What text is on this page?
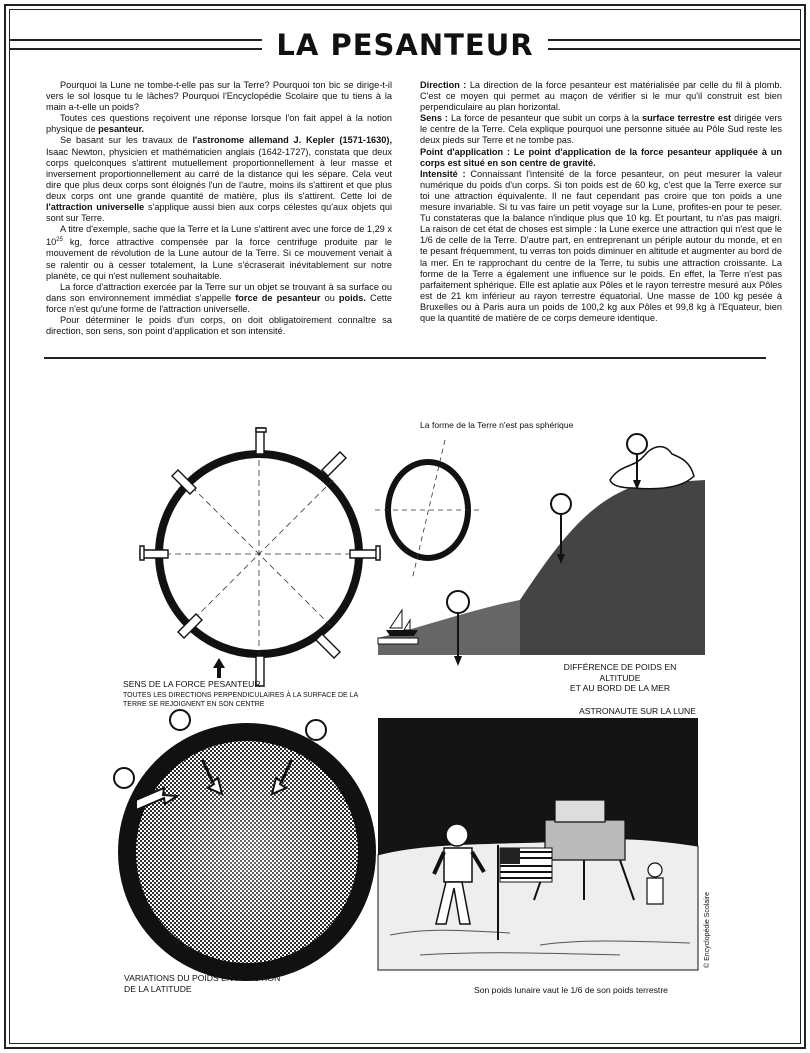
LA PESANTEUR

Pourquoi la Lune ne tombe-t-elle pas sur la Terre? Pourquoi ton bic se dirige-t-il vers le sol losque tu le lâches? Pourquoi l'Encyclopédie Scolaire que tu tiens à la main a-t-elle un poids?

Toutes ces questions reçoivent une réponse lorsque l'on fait appel à la notion physique de pesanteur.

Se basant sur les travaux de l'astronome allemand J. Kepler (1571-1630), Isaac Newton, physicien et mathématicien anglais (1642-1727), constata que deux corps quelconques s'attirent mutuellement proportionnellement à leur masse et inversement proportionnellement au carré de la distance qui les sépare. Cela veut dire que plus deux corps sont éloignés l'un de l'autre, moins ils s'attirent et que plus deux corps ont une grande quantité de matière, plus ils s'attirent. Cette loi de l'attraction universelle s'applique aussi bien aux corps célestes qu'aux objets qui sont sur Terre.

A titre d'exemple, sache que la Terre et la Lune s'attirent avec une force de 1,29 x $10^{25}$ kg, force attractive compensée par la force centrifuge produite par le mouvement de révolution de la Lune autour de la Terre. Si ce mouvement venait à se ralentir ou à cesser totalement, la Lune s'écraserait inévitablement sur notre planète, ce qui n'est nullement souhaitable.

La force d'attraction exercée par la Terre sur un objet se trouvant à sa surface ou dans son environnement immédiat s'appelle force de pesanteur ou poids. Cette force n'est qu'une forme de l'attraction universelle.

Pour déterminer le poids d'un corps, on doit obligatoirement connaître sa direction, son sens, son point d'application et son intensité.

Direction : La direction de la force pesanteur est matérialisée par celle du fil à plomb. C'est ce moyen qui permet au maçon de vérifier si le mur qu'il construit est bien perpendiculaire au plan horizontal.

Sens : La force de pesanteur que subit un corps à la surface terrestre est dirigée vers le centre de la Terre. Cela explique pourquoi une personne située au Pôle Sud reste les deux pieds sur Terre et ne tombe pas.

Point d'application : Le point d'application de la force pesanteur appliquée à un corps est situé en son centre de gravité.

Intensité : Connaissant l'intensité de la force pesanteur, on peut mesurer la valeur numérique du poids d'un corps. Si ton poids est de 60 kg, c'est que la Terre exerce sur toi une attraction équivalente. Il ne faut cependant pas croire que ton poids a une mesure invariable. Si tu vas faire un petit voyage sur la Lune, profites-en pour te peser. Tu constateras que la balance n'indique plus que 10 kg. Et pourtant, tu n'as pas maigri. La raison de cet état de choses est simple : la Lune exerce une attraction qui n'est que le 1/6 de celle de la Terre. D'autre part, en entreprenant un périple autour du monde, et en te pesant fréquemment, tu verras ton poids diminuer en altitude et augmenter au bord de la mer. En te rapprochant du centre de la Terre, tu subis une attraction croissante. La forme de la Terre a également une influence sur le poids. En effet, la Terre n'est pas parfaitement sphérique. Elle est aplatie aux Pôles et le rayon terrestre mesuré aux Pôles est de 21 km inférieur au rayon terrestre équatorial. Une masse de 100 kg pesée à Bruxelles ou à Paris aura un poids de 100,2 kg aux Pôles et 99,8 kg à l'Equateur, bien que la quantité de matière de ce corps demeure identique.

La forme de la Terre n'est pas sphérique
DIFFÉRENCE DE POIDS EN ALTITUDE
ET AU BORD DE LA MER
SENS DE LA FORCE PESANTEUR :
TOUTES LES DIRECTIONS PERPENDICULAIRES À LA SURFACE DE LA
TERRE SE REJOIGNENT EN SON CENTRE
ASTRONAUTE SUR LA LUNE
VARIATIONS DU POIDS EN FONCTION
DE LA LATITUDE	Son poids lunaire vaut le 1/6 de son poids terrestre
© Encyclopédie Scolaire
